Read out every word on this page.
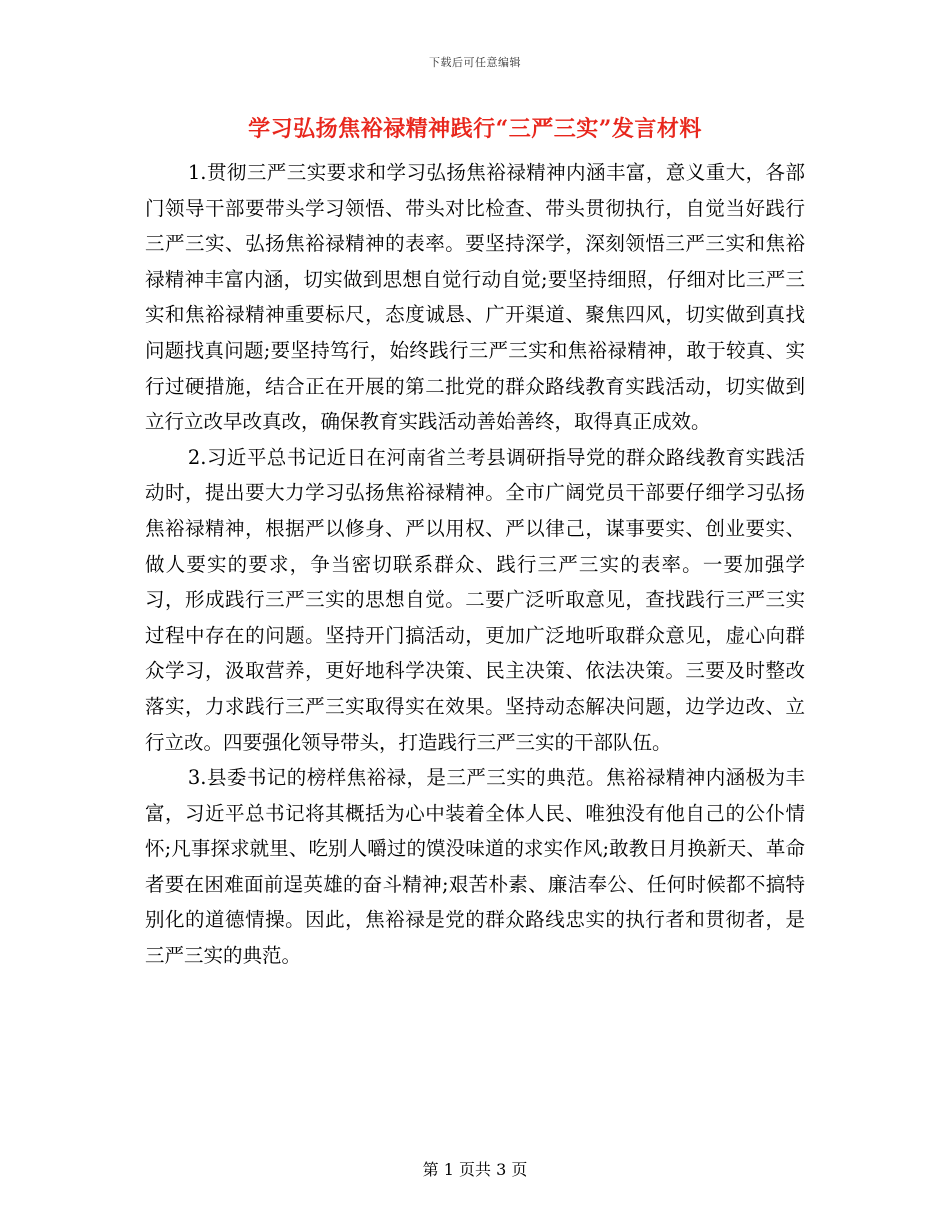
下载后可任意编辑
学习弘扬焦裕禄精神践行“三严三实”发言材料

1.贯彻三严三实要求和学习弘扬焦裕禄精神内涵丰富，意义重大，各部门领导干部要带头学习领悟、带头对比检查、带头贯彻执行，自觉当好践行三严三实、弘扬焦裕禄精神的表率。要坚持深学，深刻领悟三严三实和焦裕禄精神丰富内涵，切实做到思想自觉行动自觉;要坚持细照，仔细对比三严三实和焦裕禄精神重要标尺，态度诚恳、广开渠道、聚焦四风，切实做到真找问题找真问题;要坚持笃行，始终践行三严三实和焦裕禄精神，敢于较真、实行过硬措施，结合正在开展的第二批党的群众路线教育实践活动，切实做到立行立改早改真改，确保教育实践活动善始善终，取得真正成效。

2.习近平总书记近日在河南省兰考县调研指导党的群众路线教育实践活动时，提出要大力学习弘扬焦裕禄精神。全市广阔党员干部要仔细学习弘扬焦裕禄精神，根据严以修身、严以用权、严以律己，谋事要实、创业要实、做人要实的要求，争当密切联系群众、践行三严三实的表率。一要加强学习，形成践行三严三实的思想自觉。二要广泛听取意见，查找践行三严三实过程中存在的问题。坚持开门搞活动，更加广泛地听取群众意见，虚心向群众学习，汲取营养，更好地科学决策、民主决策、依法决策。三要及时整改落实，力求践行三严三实取得实在效果。坚持动态解决问题，边学边改、立行立改。四要强化领导带头，打造践行三严三实的干部队伍。

3.县委书记的榜样焦裕禄，是三严三实的典范。焦裕禄精神内涵极为丰富，习近平总书记将其概括为心中装着全体人民、唯独没有他自己的公仆情怀;凡事探求就里、吃别人嚼过的馍没味道的求实作风;敢教日月换新天、革命者要在困难面前逞英雄的奋斗精神;艰苦朴素、廉洁奉公、任何时候都不搞特别化的道德情操。因此，焦裕禄是党的群众路线忠实的执行者和贯彻者，是三严三实的典范。

第 1 页共 3 页
